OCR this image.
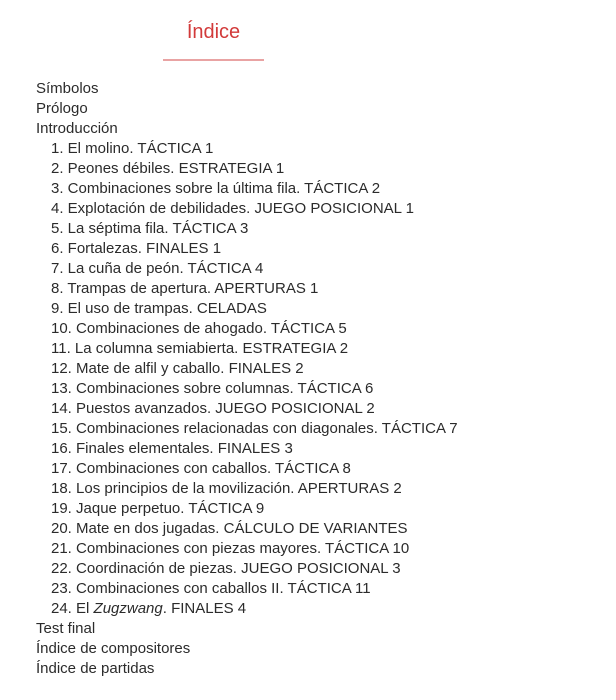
Índice
Símbolos
Prólogo
Introducción
1. El molino. TÁCTICA 1
2. Peones débiles. ESTRATEGIA 1
3. Combinaciones sobre la última fila. TÁCTICA 2
4. Explotación de debilidades. JUEGO POSICIONAL 1
5. La séptima fila. TÁCTICA 3
6. Fortalezas. FINALES 1
7. La cuña de peón. TÁCTICA 4
8. Trampas de apertura. APERTURAS 1
9. El uso de trampas. CELADAS
10. Combinaciones de ahogado. TÁCTICA 5
11. La columna semiabierta. ESTRATEGIA 2
12. Mate de alfil y caballo. FINALES 2
13. Combinaciones sobre columnas. TÁCTICA 6
14. Puestos avanzados. JUEGO POSICIONAL 2
15. Combinaciones relacionadas con diagonales. TÁCTICA 7
16. Finales elementales. FINALES 3
17. Combinaciones con caballos. TÁCTICA 8
18. Los principios de la movilización. APERTURAS 2
19. Jaque perpetuo. TÁCTICA 9
20. Mate en dos jugadas. CÁLCULO DE VARIANTES
21. Combinaciones con piezas mayores. TÁCTICA 10
22. Coordinación de piezas. JUEGO POSICIONAL 3
23. Combinaciones con caballos II. TÁCTICA 11
24. El Zugzwang. FINALES 4
Test final
Índice de compositores
Índice de partidas
